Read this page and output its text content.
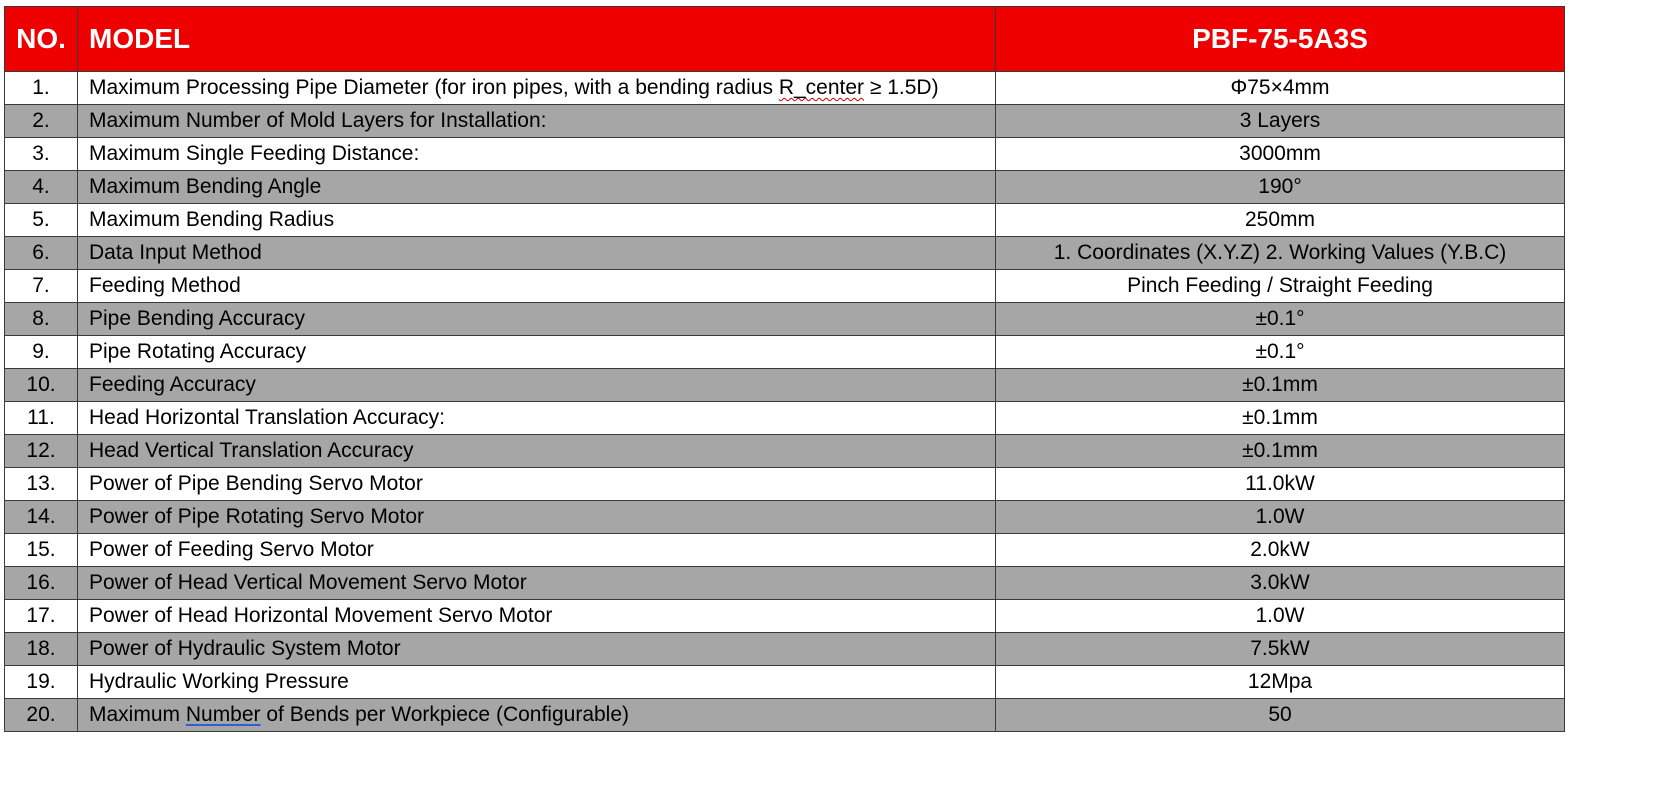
NO.	MODEL	PBF-75-5A3S
1.	Maximum Processing Pipe Diameter (for iron pipes, with a bending radius R_center ≥ 1.5D)	Φ75×4mm
2.	Maximum Number of Mold Layers for Installation:	3 Layers
3.	Maximum Single Feeding Distance:	3000mm
4.	Maximum Bending Angle	190°
5.	Maximum Bending Radius	250mm
6.	Data Input Method	1. Coordinates (X.Y.Z) 2. Working Values (Y.B.C)
7.	Feeding Method	Pinch Feeding / Straight Feeding
8.	Pipe Bending Accuracy	±0.1°
9.	Pipe Rotating Accuracy	±0.1°
10.	Feeding Accuracy	±0.1mm
11.	Head Horizontal Translation Accuracy:	±0.1mm
12.	Head Vertical Translation Accuracy	±0.1mm
13.	Power of Pipe Bending Servo Motor	11.0kW
14.	Power of Pipe Rotating Servo Motor	1.0W
15.	Power of Feeding Servo Motor	2.0kW
16.	Power of Head Vertical Movement Servo Motor	3.0kW
17.	Power of Head Horizontal Movement Servo Motor	1.0W
18.	Power of Hydraulic System Motor	7.5kW
19.	Hydraulic Working Pressure	12Mpa
20.	Maximum Number of Bends per Workpiece (Configurable)	50
